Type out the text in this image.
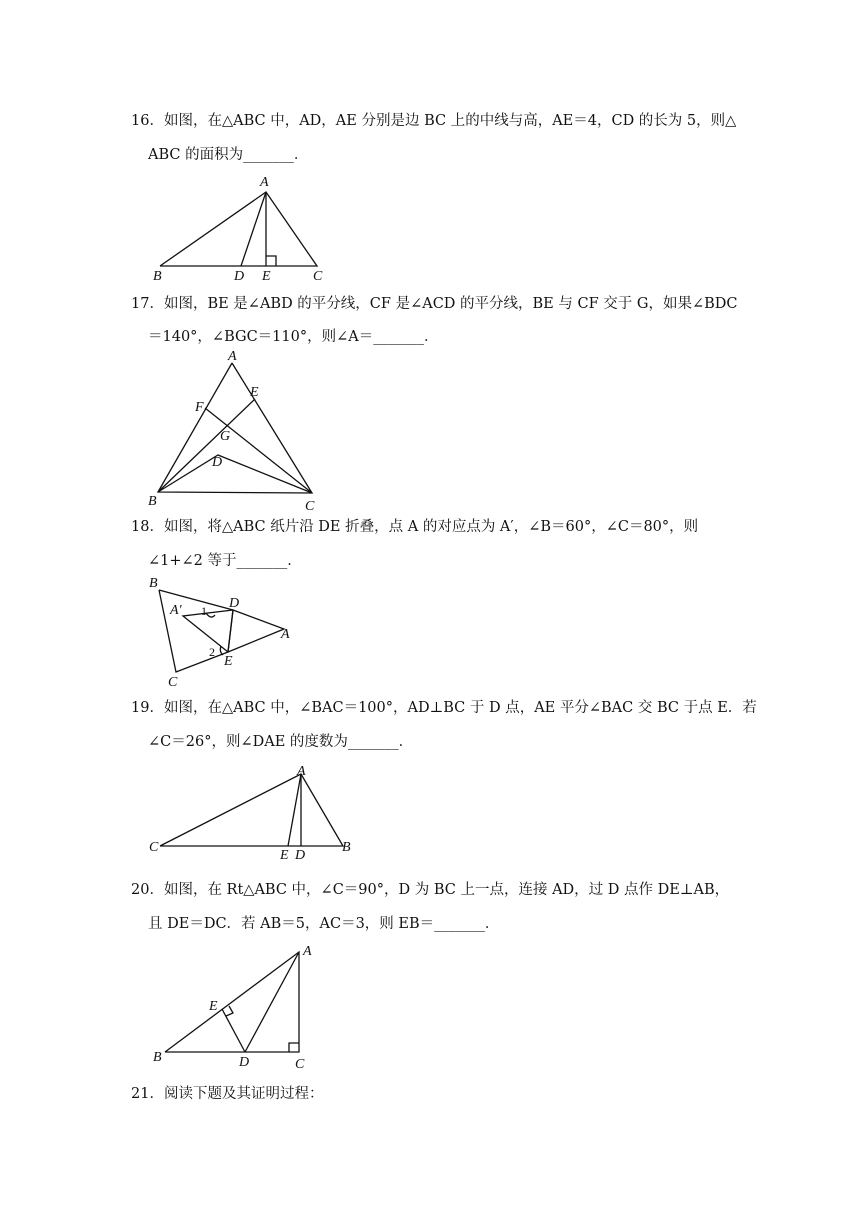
16．如图，在△ABC 中，AD，AE 分别是边 BC 上的中线与高，AE＝4，CD 的长为 5，则△
ABC 的面积为_______．
A
B	D E	C
17．如图，BE 是∠ABD 的平分线，CF 是∠ACD 的平分线，BE 与 CF 交于 G，如果∠BDC
＝140°，∠BGC＝110°，则∠A＝_______．
A
E
F
G
D
B	C
18．如图，将△ABC 纸片沿 DE 折叠，点 A 的对应点为 A′，∠B＝60°，∠C＝80°，则
∠1+∠2 等于_______．
B
A′ 1 D
A
2
E
C
19．如图，在△ABC 中，∠BAC＝100°，AD⊥BC 于 D 点，AE 平分∠BAC 交 BC 于点 E．若
∠C＝26°，则∠DAE 的度数为_______．
A
C
E D
B
20．如图，在 Rt△ABC 中，∠C＝90°，D 为 BC 上一点，连接 AD，过 D 点作 DE⊥AB，
且 DE＝DC．若 AB＝5，AC＝3，则 EB＝_______．
A
E
B	D	C
21．阅读下题及其证明过程：
